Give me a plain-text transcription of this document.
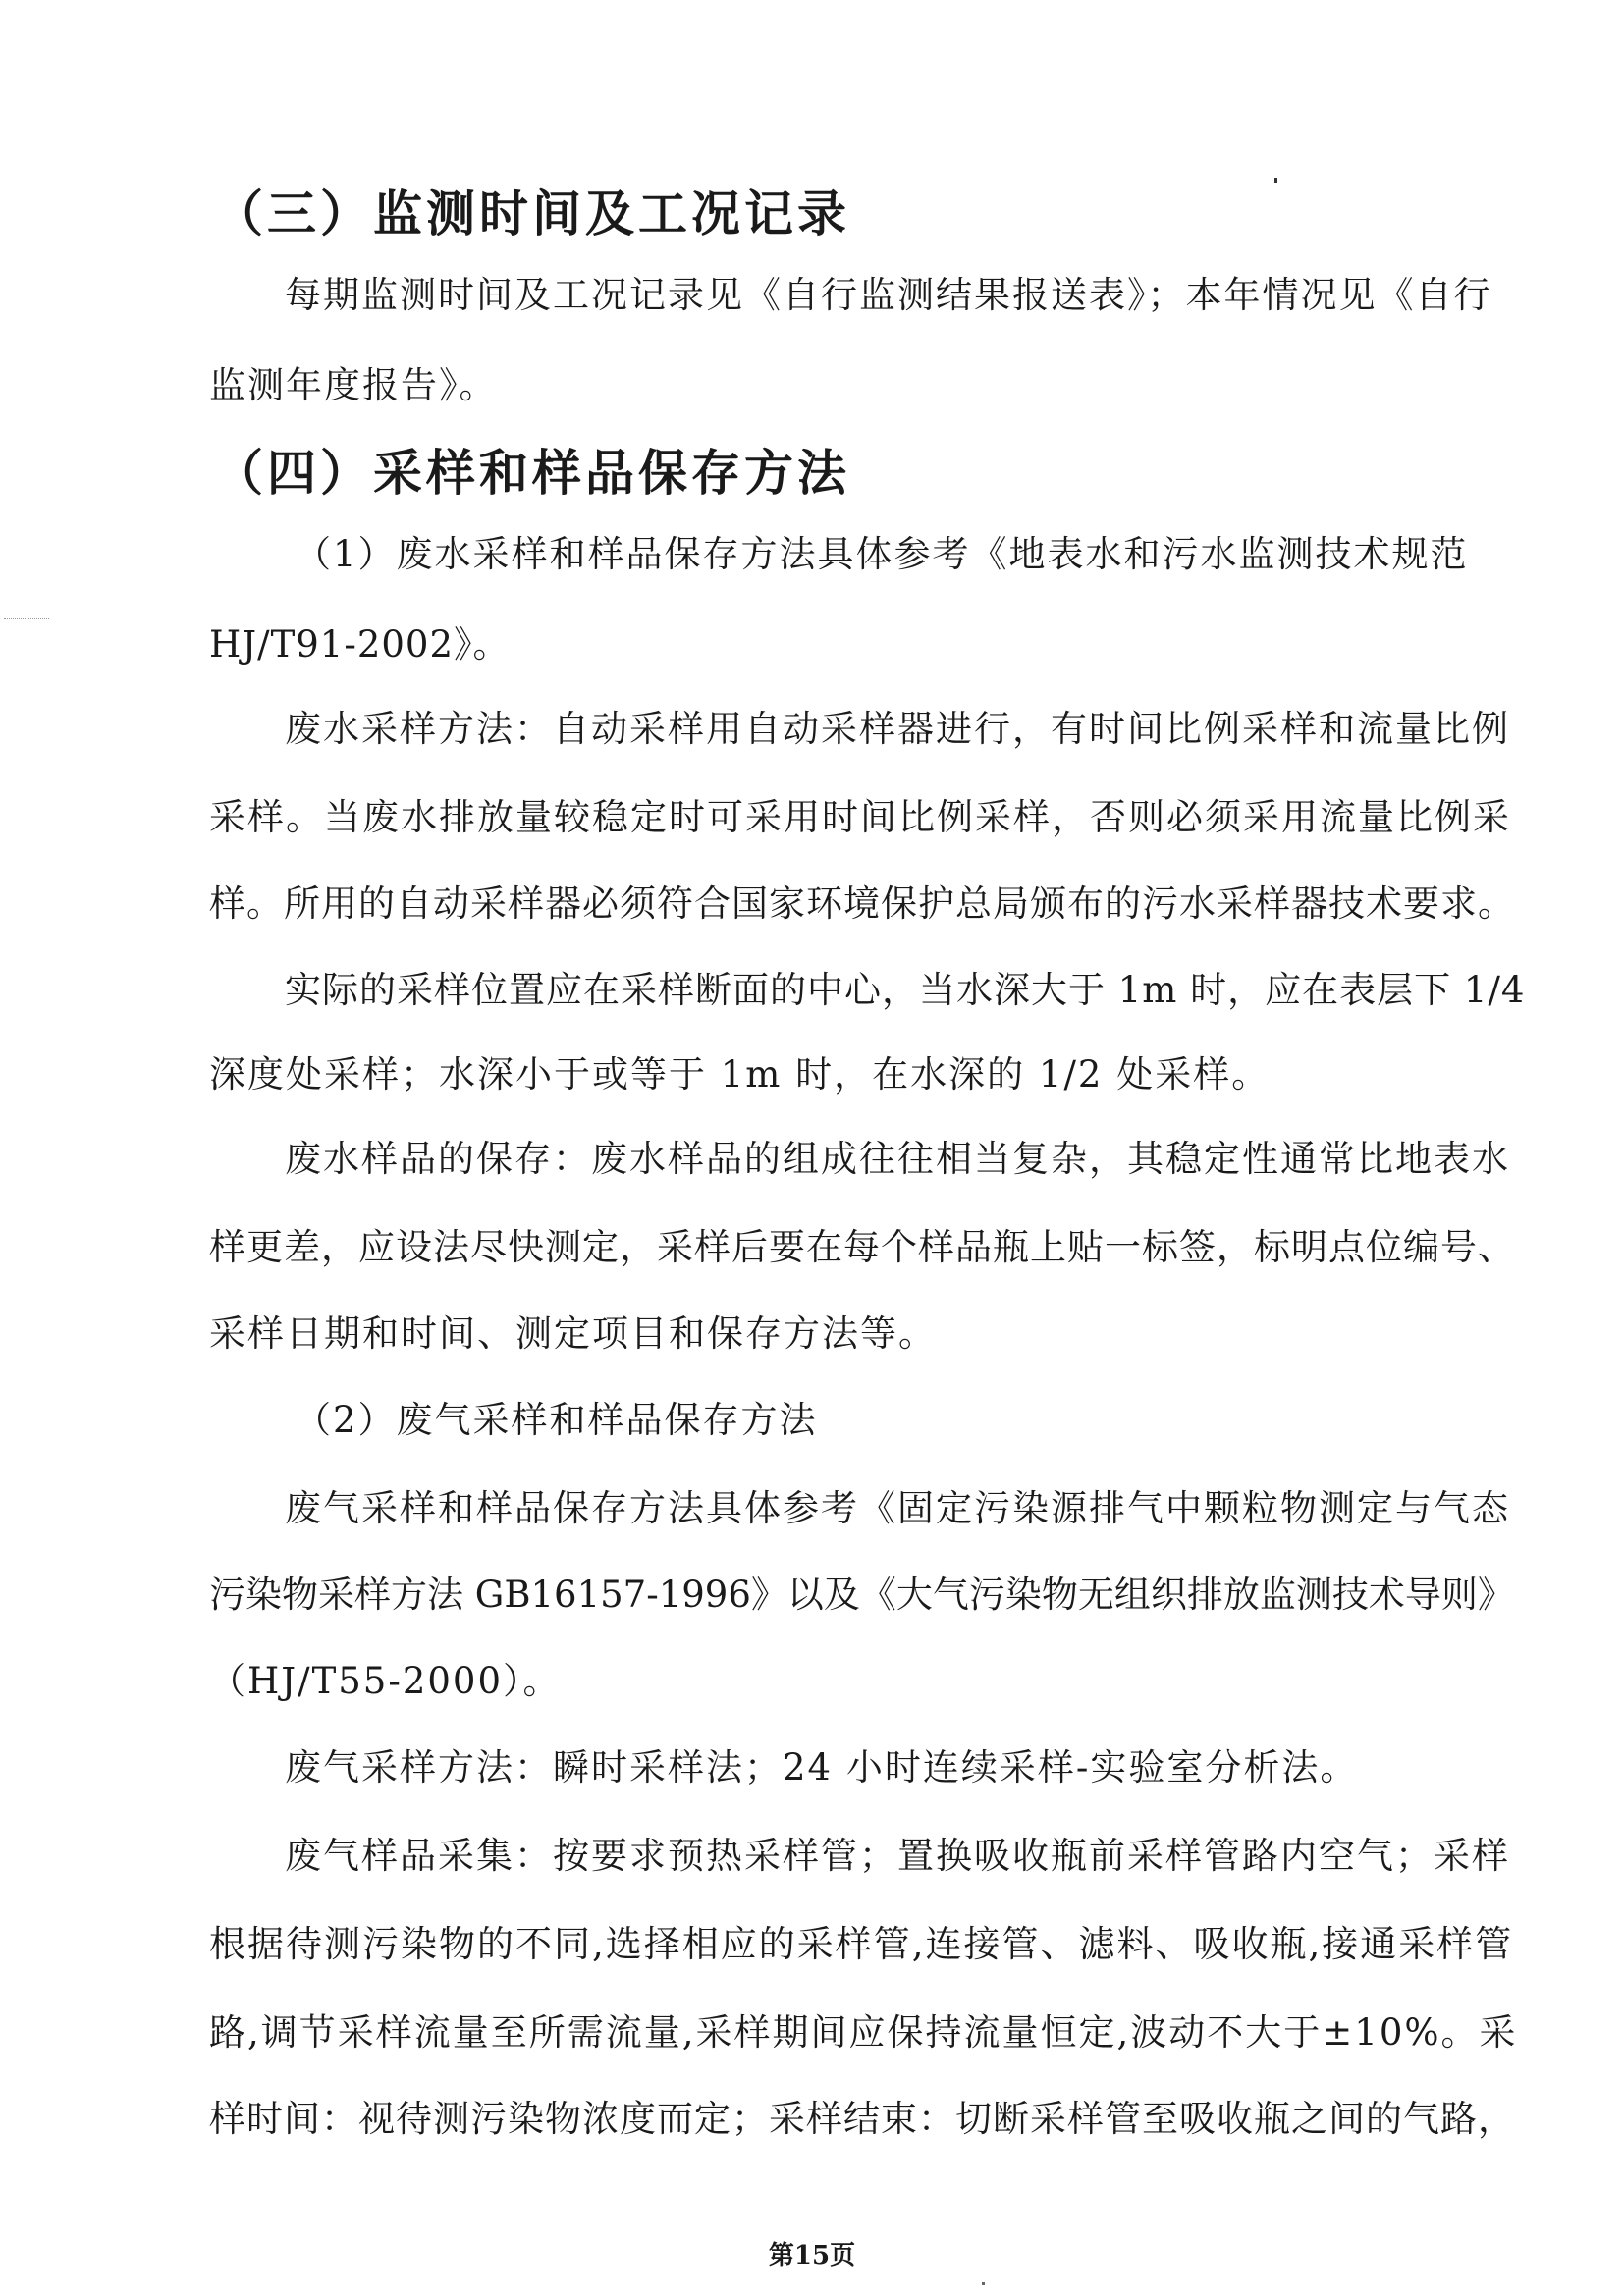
（三）监测时间及工况记录
每期监测时间及工况记录见《自行监测结果报送表》；本年情况见《自行
监测年度报告》。
（四）采样和样品保存方法
（1）废水采样和样品保存方法具体参考《地表水和污水监测技术规范
HJ/T91-2002》。
废水采样方法：自动采样用自动采样器进行，有时间比例采样和流量比例
采样。当废水排放量较稳定时可采用时间比例采样，否则必须采用流量比例采
样。所用的自动采样器必须符合国家环境保护总局颁布的污水采样器技术要求。
实际的采样位置应在采样断面的中心，当水深大于 1m 时，应在表层下 1/4
深度处采样；水深小于或等于 1m 时，在水深的 1/2 处采样。
废水样品的保存：废水样品的组成往往相当复杂，其稳定性通常比地表水
样更差，应设法尽快测定，采样后要在每个样品瓶上贴一标签，标明点位编号、
采样日期和时间、测定项目和保存方法等。
（2）废气采样和样品保存方法
废气采样和样品保存方法具体参考《固定污染源排气中颗粒物测定与气态
污染物采样方法 GB16157-1996》以及《大气污染物无组织排放监测技术导则》
（HJ/T55-2000）。
废气采样方法：瞬时采样法；24 小时连续采样-实验室分析法。
废气样品采集：按要求预热采样管；置换吸收瓶前采样管路内空气；采样
根据待测污染物的不同,选择相应的采样管,连接管、滤料、吸收瓶,接通采样管
路,调节采样流量至所需流量,采样期间应保持流量恒定,波动不大于±10%。采
样时间：视待测污染物浓度而定；采样结束：切断采样管至吸收瓶之间的气路，
第15页
